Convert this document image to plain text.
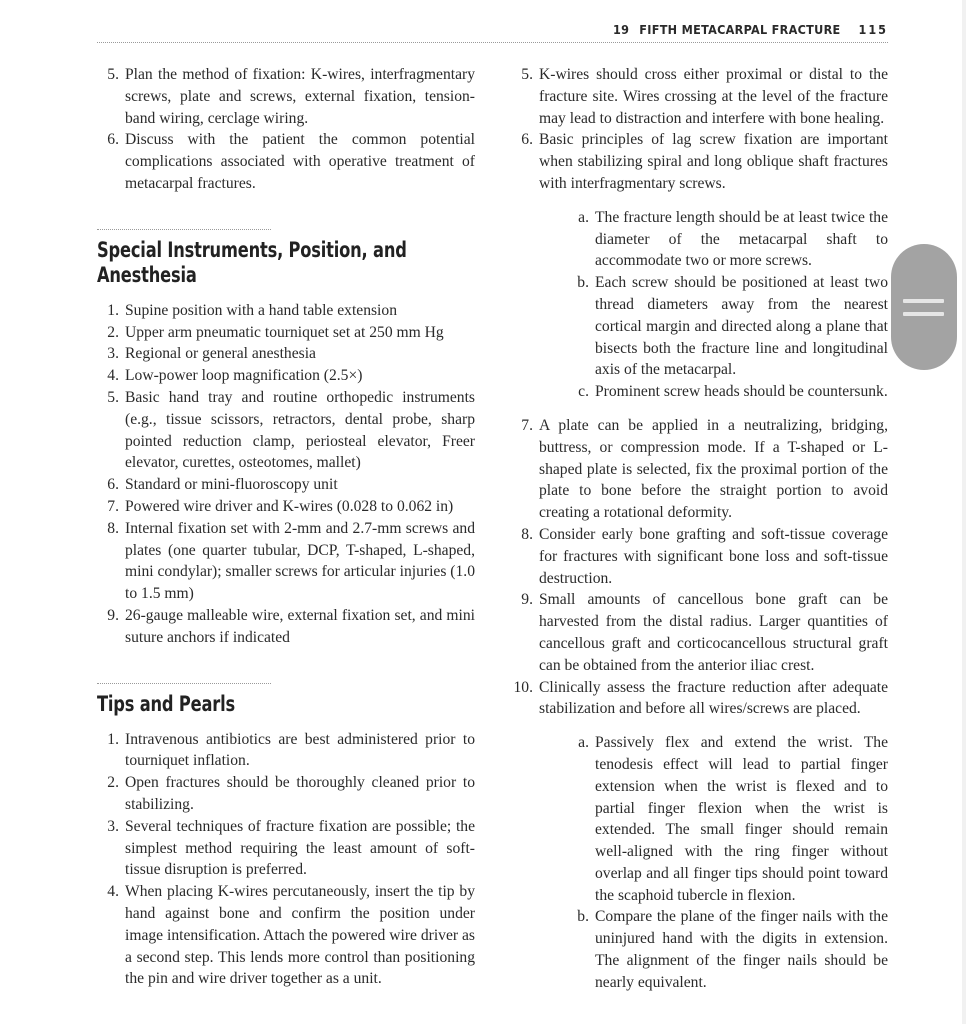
19 FIFTH METACARPAL FRACTURE 115
5. Plan the method of fixation: K-wires, interfragmentary screws, plate and screws, external fixation, tension-band wiring, cerclage wiring.
6. Discuss with the patient the common potential complications associated with operative treatment of metacarpal fractures.
Special Instruments, Position, and Anesthesia
1. Supine position with a hand table extension
2. Upper arm pneumatic tourniquet set at 250 mm Hg
3. Regional or general anesthesia
4. Low-power loop magnification (2.5×)
5. Basic hand tray and routine orthopedic instruments (e.g., tissue scissors, retractors, dental probe, sharp pointed reduction clamp, periosteal elevator, Freer elevator, curettes, osteotomes, mallet)
6. Standard or mini-fluoroscopy unit
7. Powered wire driver and K-wires (0.028 to 0.062 in)
8. Internal fixation set with 2-mm and 2.7-mm screws and plates (one quarter tubular, DCP, T-shaped, L-shaped, mini condylar); smaller screws for articular injuries (1.0 to 1.5 mm)
9. 26-gauge malleable wire, external fixation set, and mini suture anchors if indicated
Tips and Pearls
1. Intravenous antibiotics are best administered prior to tourniquet inflation.
2. Open fractures should be thoroughly cleaned prior to stabilizing.
3. Several techniques of fracture fixation are possible; the simplest method requiring the least amount of soft-tissue disruption is preferred.
4. When placing K-wires percutaneously, insert the tip by hand against bone and confirm the position under image intensification. Attach the powered wire driver as a second step. This lends more control than positioning the pin and wire driver together as a unit.
5. K-wires should cross either proximal or distal to the fracture site. Wires crossing at the level of the fracture may lead to distraction and interfere with bone healing.
6. Basic principles of lag screw fixation are important when stabilizing spiral and long oblique shaft fractures with interfragmentary screws.
a. The fracture length should be at least twice the diameter of the metacarpal shaft to accommodate two or more screws.
b. Each screw should be positioned at least two thread diameters away from the nearest cortical margin and directed along a plane that bisects both the fracture line and longitudinal axis of the metacarpal.
c. Prominent screw heads should be countersunk.
7. A plate can be applied in a neutralizing, bridging, buttress, or compression mode. If a T-shaped or L-shaped plate is selected, fix the proximal portion of the plate to bone before the straight portion to avoid creating a rotational deformity.
8. Consider early bone grafting and soft-tissue coverage for fractures with significant bone loss and soft-tissue destruction.
9. Small amounts of cancellous bone graft can be harvested from the distal radius. Larger quantities of cancellous graft and corticocancellous structural graft can be obtained from the anterior iliac crest.
10. Clinically assess the fracture reduction after adequate stabilization and before all wires/screws are placed.
a. Passively flex and extend the wrist. The tenodesis effect will lead to partial finger extension when the wrist is flexed and to partial finger flexion when the wrist is extended. The small finger should remain well-aligned with the ring finger without overlap and all finger tips should point toward the scaphoid tubercle in flexion.
b. Compare the plane of the finger nails with the uninjured hand with the digits in extension. The alignment of the finger nails should be nearly equivalent.
